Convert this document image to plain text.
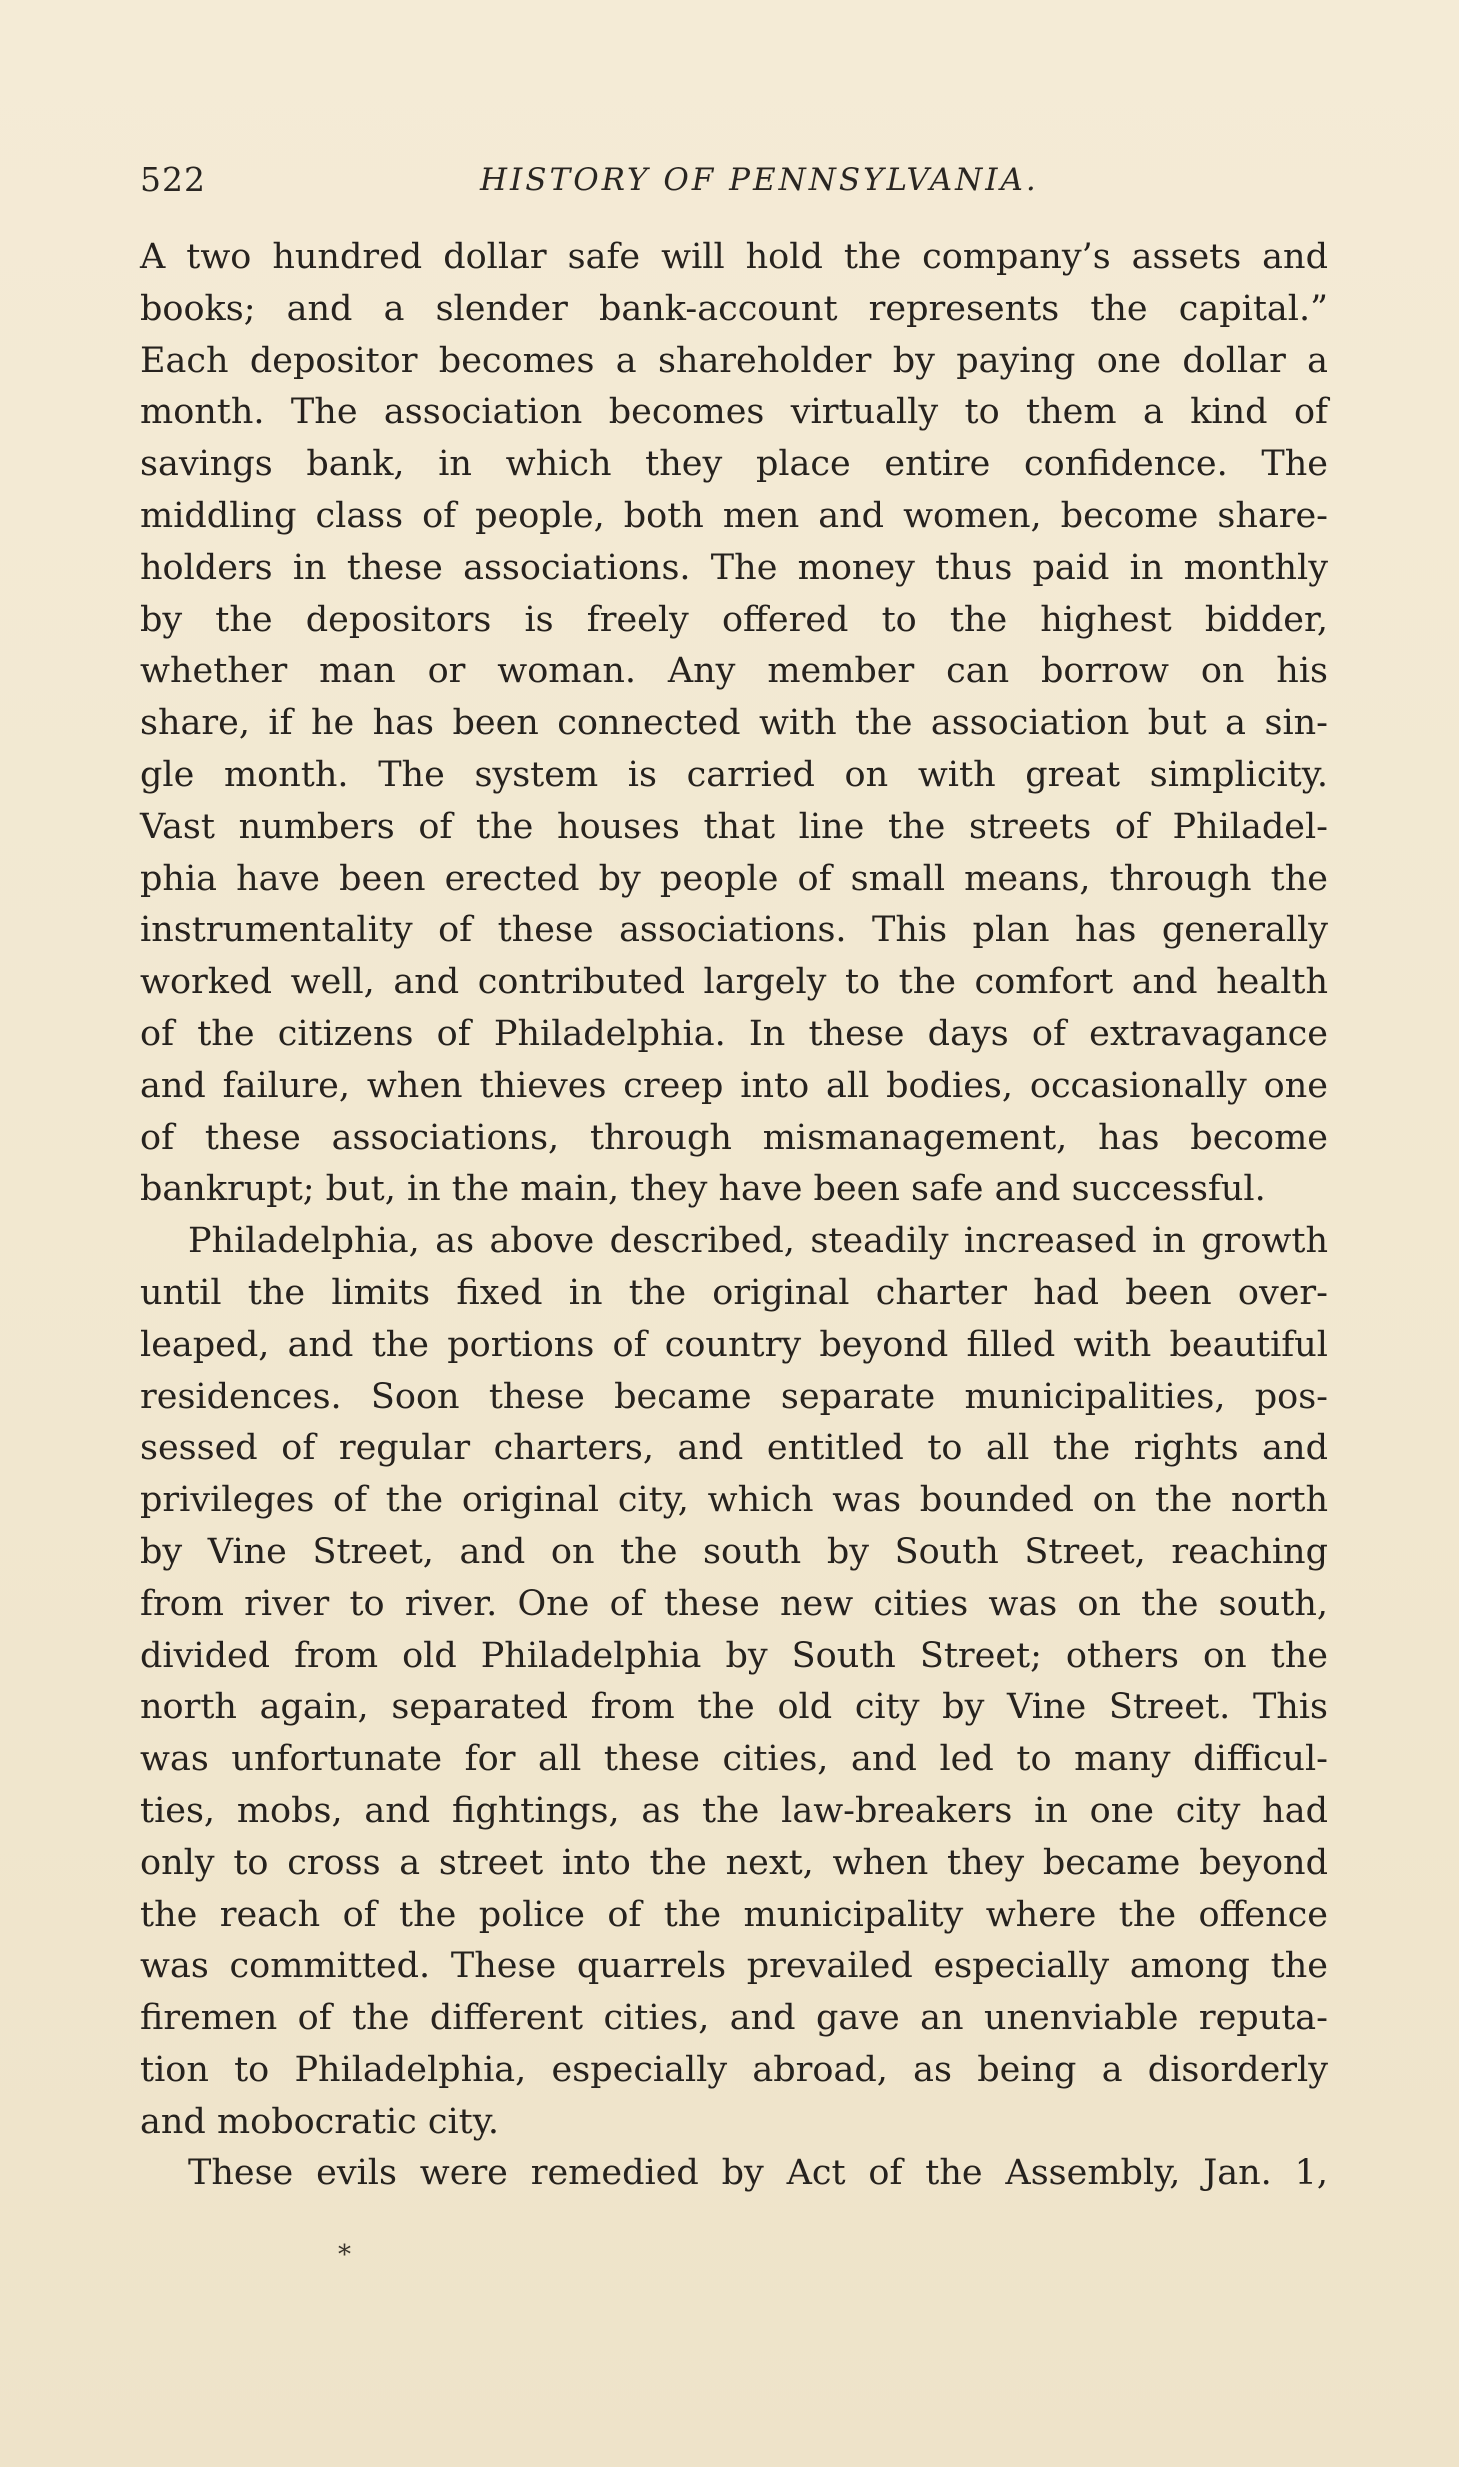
522	HISTORY OF PENNSYLVANIA.
A two hundred dollar safe will hold the company’s assets and
books; and a slender bank-account represents the capital.”
Each depositor becomes a shareholder by paying one dollar a
month. The association becomes virtually to them a kind of
savings bank, in which they place entire confidence. The
middling class of people, both men and women, become share-
holders in these associations. The money thus paid in monthly
by the depositors is freely offered to the highest bidder,
whether man or woman. Any member can borrow on his
share, if he has been connected with the association but a sin-
gle month. The system is carried on with great simplicity.
Vast numbers of the houses that line the streets of Philadel-
phia have been erected by people of small means, through the
instrumentality of these associations. This plan has generally
worked well, and contributed largely to the comfort and health
of the citizens of Philadelphia. In these days of extravagance
and failure, when thieves creep into all bodies, occasionally one
of these associations, through mismanagement, has become
bankrupt; but, in the main, they have been safe and successful.
Philadelphia, as above described, steadily increased in growth
until the limits fixed in the original charter had been over-
leaped, and the portions of country beyond filled with beautiful
residences. Soon these became separate municipalities, pos-
sessed of regular charters, and entitled to all the rights and
privileges of the original city, which was bounded on the north
by Vine Street, and on the south by South Street, reaching
from river to river. One of these new cities was on the south,
divided from old Philadelphia by South Street; others on the
north again, separated from the old city by Vine Street. This
was unfortunate for all these cities, and led to many difficul-
ties, mobs, and fightings, as the law-breakers in one city had
only to cross a street into the next, when they became beyond
the reach of the police of the municipality where the offence
was committed. These quarrels prevailed especially among the
firemen of the different cities, and gave an unenviable reputa-
tion to Philadelphia, especially abroad, as being a disorderly
and mobocratic city.
These evils were remedied by Act of the Assembly, Jan. 1,
*
